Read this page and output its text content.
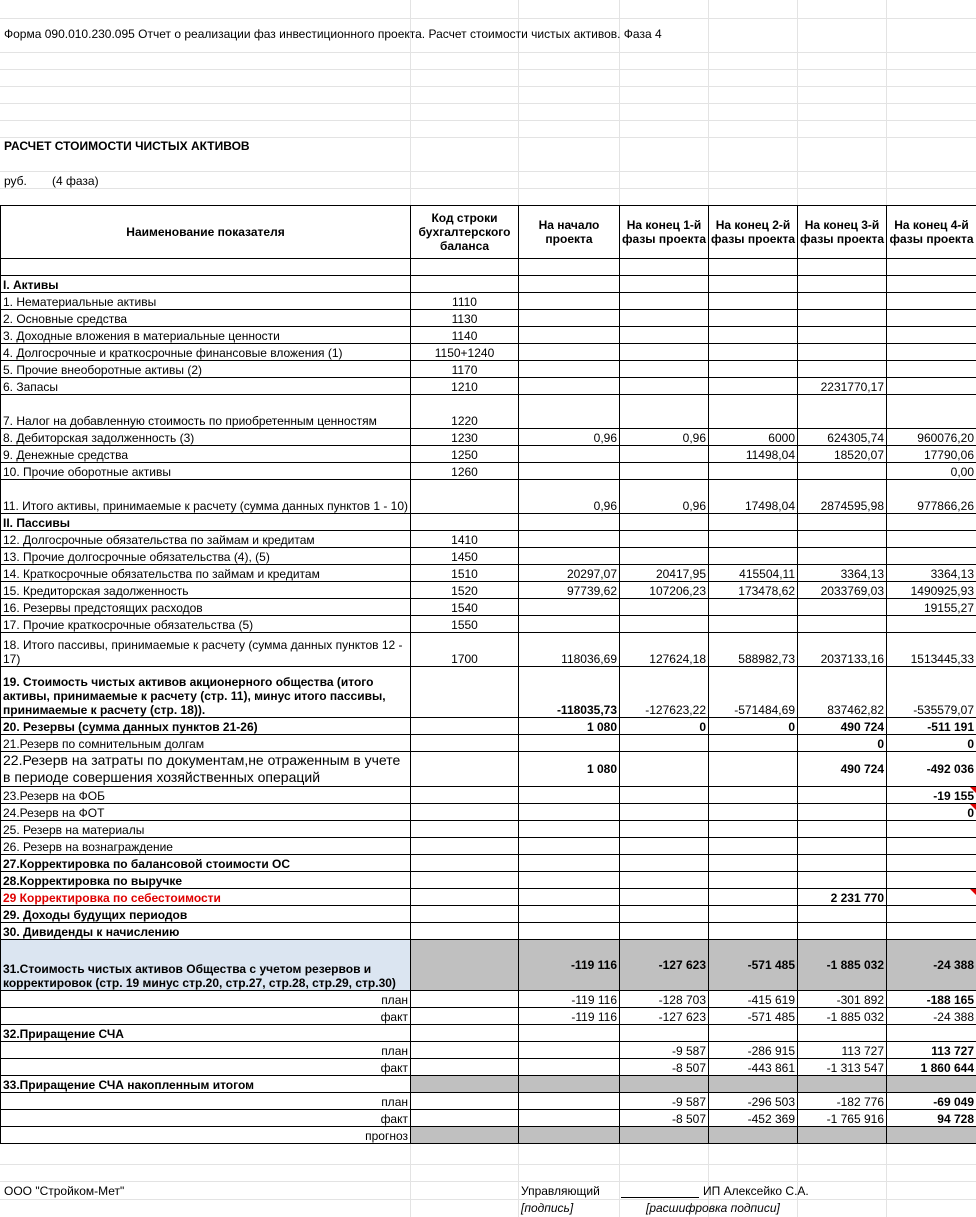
Форма 090.010.230.095 Отчет о реализации фаз инвестиционного проекта. Расчет стоимости чистых активов. Фаза 4
РАСЧЕТ СТОИМОСТИ ЧИСТЫХ АКТИВОВ
руб. (4 фаза)
Наименование показателя	Код строки бухгалтерского баланса	На начало проекта	На конец 1-й фазы проекта	На конец 2-й фазы проекта	На конец 3-й фазы проекта	На конец 4-й фазы проекта

I. Активы						
1. Нематериальные активы	1110					
2. Основные средства	1130					
3. Доходные вложения в материальные ценности	1140					
4. Долгосрочные и краткосрочные финансовые вложения (1)	1150+1240					
5. Прочие внеоборотные активы (2)	1170					
6. Запасы	1210				2231770,17	
7. Налог на добавленную стоимость по приобретенным ценностям	1220					
8. Дебиторская задолженность (3)	1230	0,96	0,96	6000	624305,74	960076,20
9. Денежные средства	1250			11498,04	18520,07	17790,06
10. Прочие оборотные активы	1260					0,00
11. Итого активы, принимаемые к расчету (сумма данных пунктов 1 - 10)		0,96	0,96	17498,04	2874595,98	977866,26
II. Пассивы						
12. Долгосрочные обязательства по займам и кредитам	1410					
13. Прочие долгосрочные обязательства (4), (5)	1450					
14. Краткосрочные обязательства по займам и кредитам	1510	20297,07	20417,95	415504,11	3364,13	3364,13
15. Кредиторская задолженность	1520	97739,62	107206,23	173478,62	2033769,03	1490925,93
16. Резервы предстоящих расходов	1540					19155,27
17. Прочие краткосрочные обязательства (5)	1550					
18. Итого пассивы, принимаемые к расчету (сумма данных пунктов 12 - 17)	1700	118036,69	127624,18	588982,73	2037133,16	1513445,33
19. Стоимость чистых активов акционерного общества (итого активы, принимаемые к расчету (стр. 11), минус итого пассивы, принимаемые к расчету (стр. 18)).		-118035,73	-127623,22	-571484,69	837462,82	-535579,07
20. Резервы (сумма данных пунктов 21-26)		1 080	0	0	490 724	-511 191
21.Резерв по сомнительным долгам					0	0
22.Резерв на затраты по документам,не отраженным в учете в периоде совершения хозяйственных операций		1 080			490 724	-492 036
23.Резерв на ФОБ						-19 155
24.Резерв на ФОТ						0
25. Резерв на материалы						
26. Резерв на вознаграждение						
27.Корректировка по балансовой стоимости ОС						
28.Корректировка по выручке						
29 Корректировка по себестоимости					2 231 770	
29. Доходы будущих периодов						
30. Дивиденды к начислению						
31.Стоимость чистых активов Общества с учетом резервов и корректировок (стр. 19 минус стр.20, стр.27, стр.28, стр.29, стр.30)		-119 116	-127 623	-571 485	-1 885 032	-24 388
план		-119 116	-128 703	-415 619	-301 892	-188 165
факт		-119 116	-127 623	-571 485	-1 885 032	-24 388
32.Приращение СЧА						
план			-9 587	-286 915	113 727	113 727
факт			-8 507	-443 861	-1 313 547	1 860 644
33.Приращение СЧА накопленным итогом						
план			-9 587	-296 503	-182 776	-69 049
факт			-8 507	-452 369	-1 765 916	94 728
прогноз						
ООО "Стройком-Мет"	Управляющий	ИП Алексейко С.А.
[подпись]	[расшифровка подписи]
